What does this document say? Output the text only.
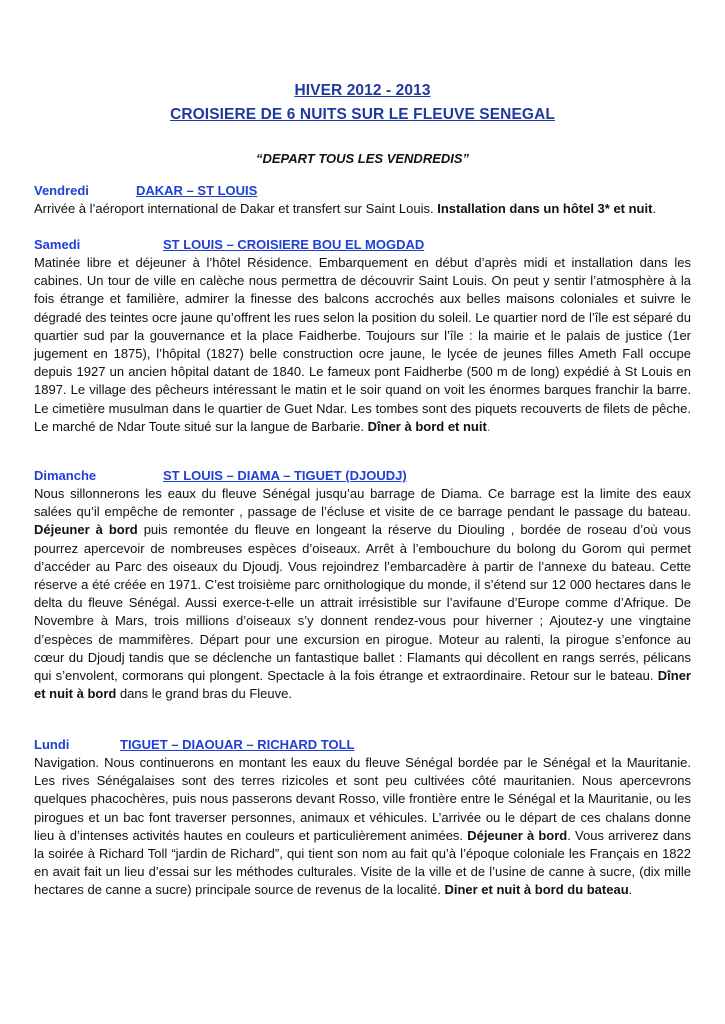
HIVER 2012 - 2013
CROISIERE DE 6 NUITS SUR LE FLEUVE SENEGAL
“DEPART TOUS LES VENDREDIS”
Vendredi	DAKAR – ST LOUIS

Arrivée à l’aéroport international de Dakar et transfert sur Saint Louis. Installation dans un hôtel 3* et nuit.

Samedi	ST LOUIS – CROISIERE BOU EL MOGDAD

Matinée libre et déjeuner à l’hôtel Résidence. Embarquement en début d’après midi et installation dans les cabines. Un tour de ville en calèche nous permettra de découvrir Saint Louis. On peut y sentir l’atmosphère à la fois étrange et familière, admirer la finesse des balcons accrochés aux belles maisons coloniales et suivre le dégradé des teintes ocre jaune qu’offrent les rues selon la position du soleil. Le quartier nord de l’île est séparé du quartier sud par la gouvernance et la place Faidherbe. Toujours sur l’île : la mairie et le palais de justice (1er jugement en 1875), l’hôpital (1827) belle construction ocre jaune, le lycée de jeunes filles Ameth Fall occupe depuis 1927 un ancien hôpital datant de 1840. Le fameux pont Faidherbe (500 m de long) expédié à St Louis en 1897. Le village des pêcheurs intéressant le matin et le soir quand on voit les énormes barques franchir la barre. Le cimetière musulman dans le quartier de Guet Ndar. Les tombes sont des piquets recouverts de filets de pêche. Le marché de Ndar Toute situé sur la langue de Barbarie. Dîner à bord et nuit.

Dimanche	ST LOUIS – DIAMA – TIGUET (DJOUDJ)

Nous sillonnerons les eaux du fleuve Sénégal jusqu’au barrage de Diama. Ce barrage est la limite des eaux salées qu’il empêche de remonter , passage de l’écluse et visite de ce barrage pendant le passage du bateau. Déjeuner à bord puis remontée du fleuve en longeant la réserve du Diouling , bordée de roseau d’où vous pourrez apercevoir de nombreuses espèces d’oiseaux. Arrêt à l’embouchure du bolong du Gorom qui permet d’accéder au Parc des oiseaux du Djoudj. Vous rejoindrez l’embarcadère à partir de l’annexe du bateau. Cette réserve a été créée en 1971. C’est troisième parc ornithologique du monde, il s’étend sur 12 000 hectares dans le delta du fleuve Sénégal. Aussi exerce-t-elle un attrait irrésistible sur l’avifaune d’Europe comme d’Afrique. De Novembre à Mars, trois millions d’oiseaux s’y donnent rendez-vous pour hiverner ; Ajoutez-y une vingtaine d’espèces de mammifères. Départ pour une excursion en pirogue. Moteur au ralenti, la pirogue s’enfonce au cœur du Djoudj tandis que se déclenche un fantastique ballet : Flamants qui décollent en rangs serrés, pélicans qui s’envolent, cormorans qui plongent. Spectacle à la fois étrange et extraordinaire. Retour sur le bateau. Dîner et nuit à bord dans le grand bras du Fleuve.

Lundi	TIGUET – DIAOUAR – RICHARD TOLL

Navigation. Nous continuerons en montant les eaux du fleuve Sénégal bordée par le Sénégal et la Mauritanie. Les rives Sénégalaises sont des terres rizicoles et sont peu cultivées côté mauritanien. Nous apercevrons quelques phacochères, puis nous passerons devant Rosso, ville frontière entre le Sénégal et la Mauritanie, ou les pirogues et un bac font traverser personnes, animaux et véhicules. L’arrivée ou le départ de ces chalans donne lieu à d’intenses activités hautes en couleurs et particulièrement animées. Déjeuner à bord. Vous arriverez dans la soirée à Richard Toll “jardin de Richard”, qui tient son nom au fait qu’à l’époque coloniale les Français en 1822 en avait fait un lieu d’essai sur les méthodes culturales. Visite de la ville et de l’usine de canne à sucre, (dix mille hectares de canne a sucre) principale source de revenus de la localité. Diner et nuit à bord du bateau.
